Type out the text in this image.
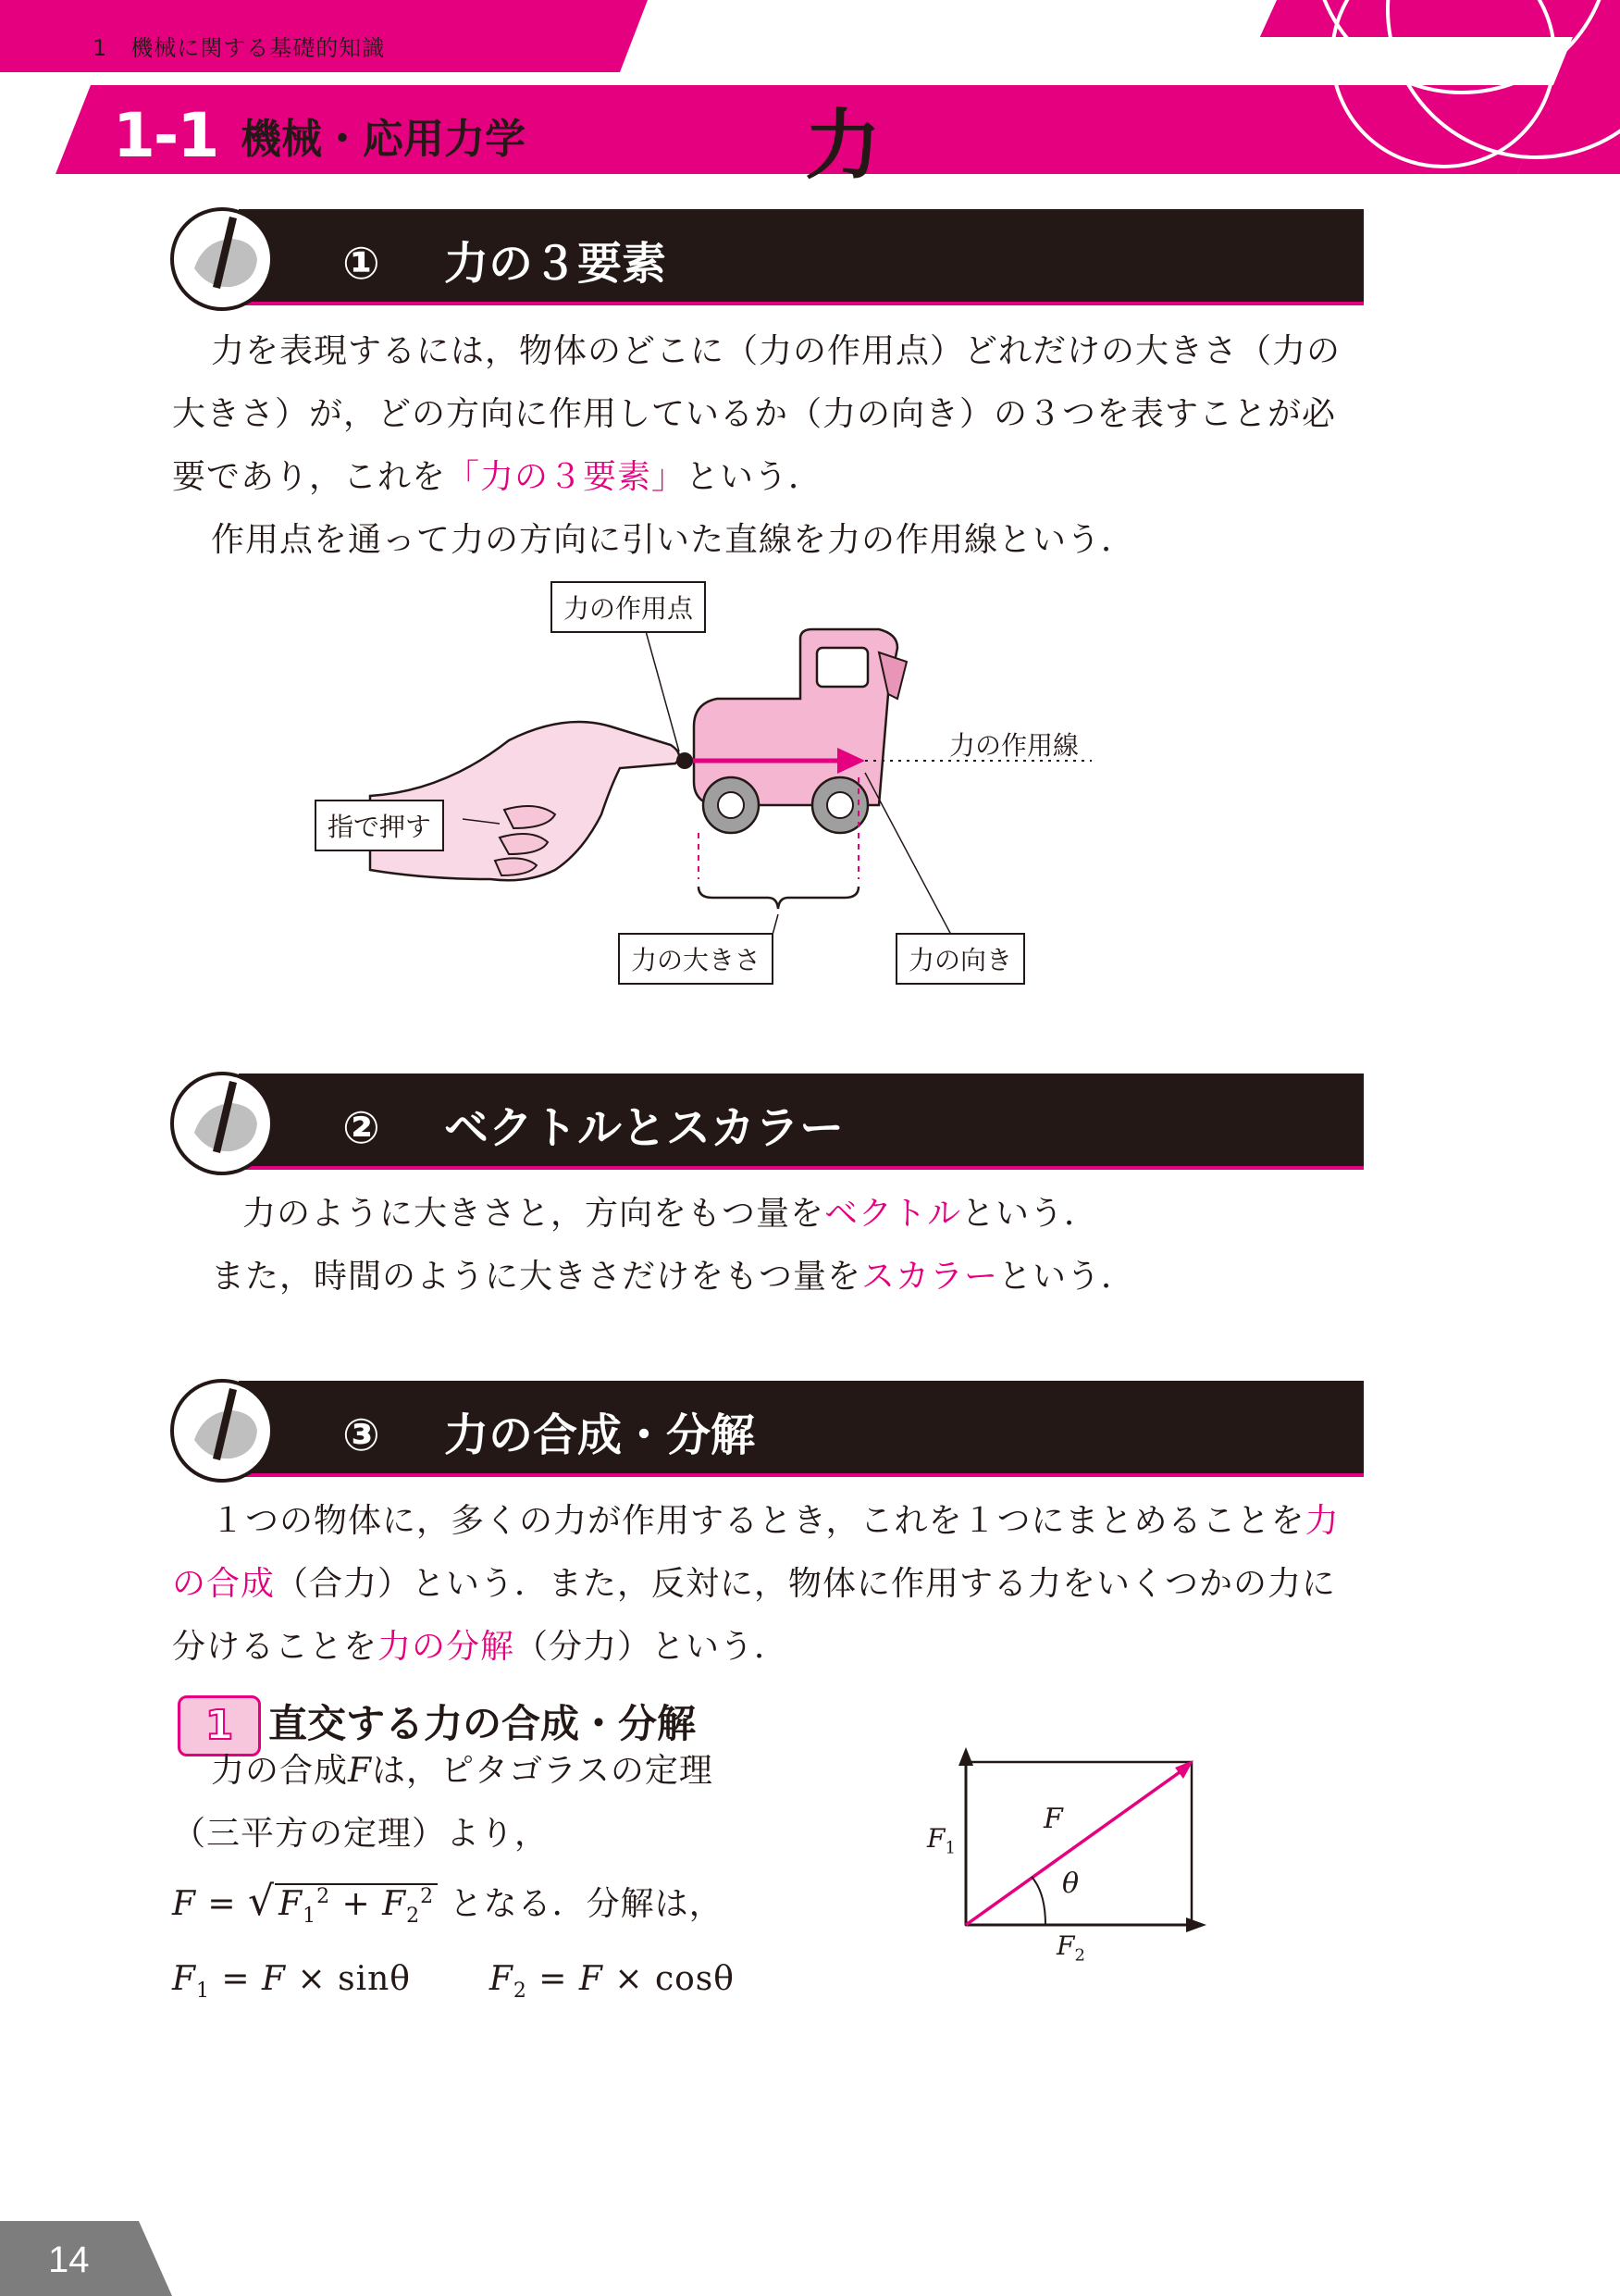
1　機械に関する基礎的知識
1-1 機械・応用力学	力
① 力の３要素
力を表現するには，物体のどこに（力の作用点）どれだけの大きさ（力の
大きさ）が，どの方向に作用しているか（力の向き）の３つを表すことが必
要であり，これを「力の３要素」という．
作用点を通って力の方向に引いた直線を力の作用線という．
力の作用点
力の作用線
指で押す
力の大きさ	力の向き
② ベクトルとスカラー
力のように大きさと，方向をもつ量をベクトルという．
また，時間のように大きさだけをもつ量をスカラーという．
③ 力の合成・分解
１つの物体に，多くの力が作用するとき，これを１つにまとめることを力
の合成（合力）という．また，反対に，物体に作用する力をいくつかの力に
分けることを力の分解（分力）という．
1 直交する力の合成・分解
力の合成Fは，ピタゴラスの定理
（三平方の定理）より，
F = √ $F_1^2 + F_2^2$ となる．分解は，
$F_1 = F \times \sin\theta$ $F_2 = F \times \cos\theta$
$F_1$
F
θ
$F_2$
14
